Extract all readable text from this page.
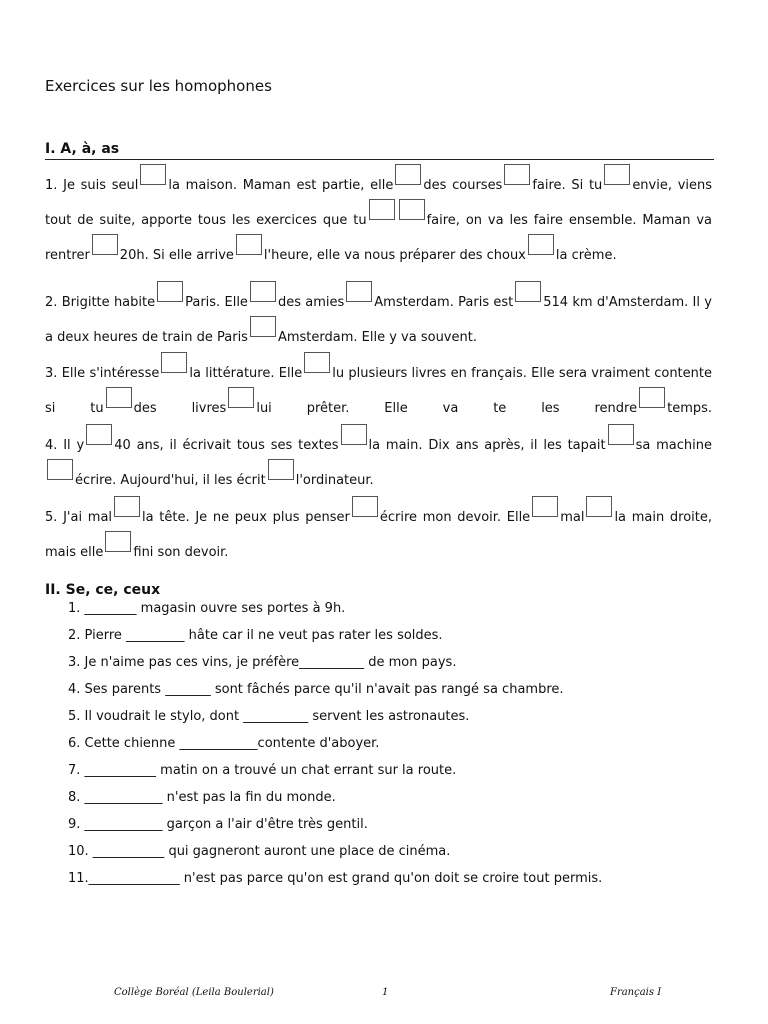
Exercices sur les homophones
I. A, à, as
1. Je suis seul la maison. Maman est partie, elle des courses faire. Si tu envie, viens tout de suite, apporte tous les exercices que tu	faire, on va les faire ensemble. Maman va rentrer 20h. Si elle arrive l'heure, elle va nous préparer des choux la crème.
2. Brigitte habite Paris. Elle des amies Amsterdam. Paris est 514 km d'Amsterdam. Il y a deux heures de train de Paris Amsterdam. Elle y va souvent.
3. Elle s'intéresse la littérature. Elle lu plusieurs livres en français. Elle sera vraiment contente si tu des livres lui prêter. Elle va te les rendre temps.
4. Il y 40 ans, il écrivait tous ses textes la main. Dix ans après, il les tapait sa machineécrire. Aujourd'hui, il les écrit l'ordinateur.
5. J'ai mal la tête. Je ne peux plus penser écrire mon devoir. Elle mal la main droite, mais elle fini son devoir.
II. Se, ce, ceux
1. ________ magasin ouvre ses portes à 9h.
2. Pierre _________ hâte car il ne veut pas rater les soldes.
3. Je n'aime pas ces vins, je préfère__________ de mon pays.
4. Ses parents _______ sont fâchés parce qu'il n'avait pas rangé sa chambre.
5. Il voudrait le stylo, dont __________ servent les astronautes.
6. Cette chienne ____________contente d'aboyer.
7. ___________ matin on a trouvé un chat errant sur la route.
8. ____________ n'est pas la fin du monde.
9. ____________ garçon a l'air d'être très gentil.
10. ___________ qui gagneront auront une place de cinéma.
11.______________ n'est pas parce qu'on est grand qu'on doit se croire tout permis.
Collège Boréal (Leila Boulerial)	1	Français I
